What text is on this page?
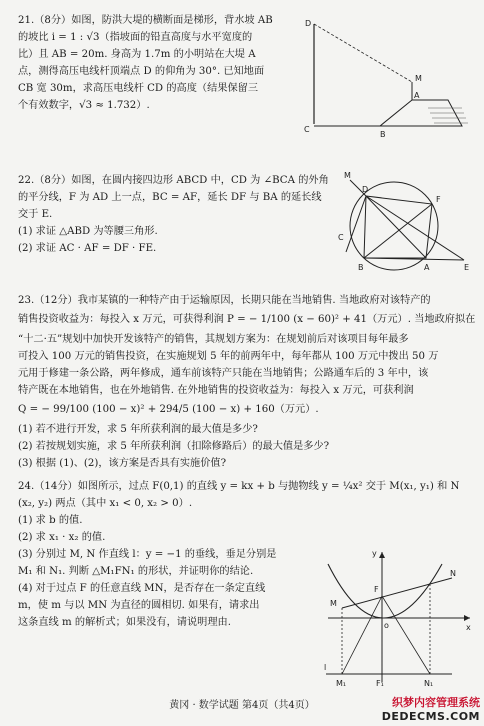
21.（8分）如图，防洪大堤的横断面是梯形，背水坡 AB
的坡比 i = 1 : √3（指坡面的铅直高度与水平宽度的
比）且 AB = 20m. 身高为 1.7m 的小明站在大堤 A
点，测得高压电线杆顶端点 D 的仰角为 30°. 已知地面
CB 宽 30m，求高压电线杆 CD 的高度（结果保留三
个有效数字，√3 ≈ 1.732）.
D
M
A
C
B
22.（8分）如图，在圆内接四边形 ABCD 中，CD 为 ∠BCA 的外角
的平分线，F 为 AD 上一点，BC = AF，延长 DF 与 BA 的延长线
交于 E.
(1) 求证 △ABD 为等腰三角形.
(2) 求证 AC · AF = DF · FE.
M
D
C
F
B	A	E
23.（12分）我市某镇的一种特产由于运输原因，长期只能在当地销售. 当地政府对该特产的
销售投资收益为：每投入 x 万元，可获得利润 P = − 1/100 (x − 60)² + 41（万元）. 当地政府拟在
“十二·五”规划中加快开发该特产的销售，其规划方案为：在规划前后对该项目每年最多
可投入 100 万元的销售投资，在实施规划 5 年的前两年中，每年都从 100 万元中拨出 50 万
元用于修建一条公路，两年修成，通车前该特产只能在当地销售；公路通车后的 3 年中，该
特产既在本地销售，也在外地销售. 在外地销售的投资收益为：每投入 x 万元，可获利润
Q = − 99/100 (100 − x)² + 294/5 (100 − x) + 160（万元）.
(1) 若不进行开发，求 5 年所获利润的最大值是多少?
(2) 若按规划实施，求 5 年所获利润（扣除修路后）的最大值是多少?
(3) 根据 (1)、(2)，该方案是否具有实施价值?
24.（14分）如图所示，过点 F(0,1) 的直线 y = kx + b 与抛物线 y = ¼x² 交于 M(x₁, y₁) 和 N
(x₂, y₂) 两点（其中 x₁ < 0, x₂ > 0）.
(1) 求 b 的值.
(2) 求 x₁ · x₂ 的值.
(3) 分别过 M, N 作直线 l：y = −1 的垂线，垂足分别是
M₁ 和 N₁. 判断 △M₁FN₁ 的形状，并证明你的结论.
(4) 对于过点 F 的任意直线 MN，是否存在一条定直线
m，使 m 与以 MN 为直径的圆相切. 如果有，请求出
这条直线 m 的解析式；如果没有，请说明理由.
y
x
N
F
M
o
l
M₁	F₁	N₁
黄冈 · 数学试题 第4页（共4页）	织梦内容管理系统
DEDECMS.COM
